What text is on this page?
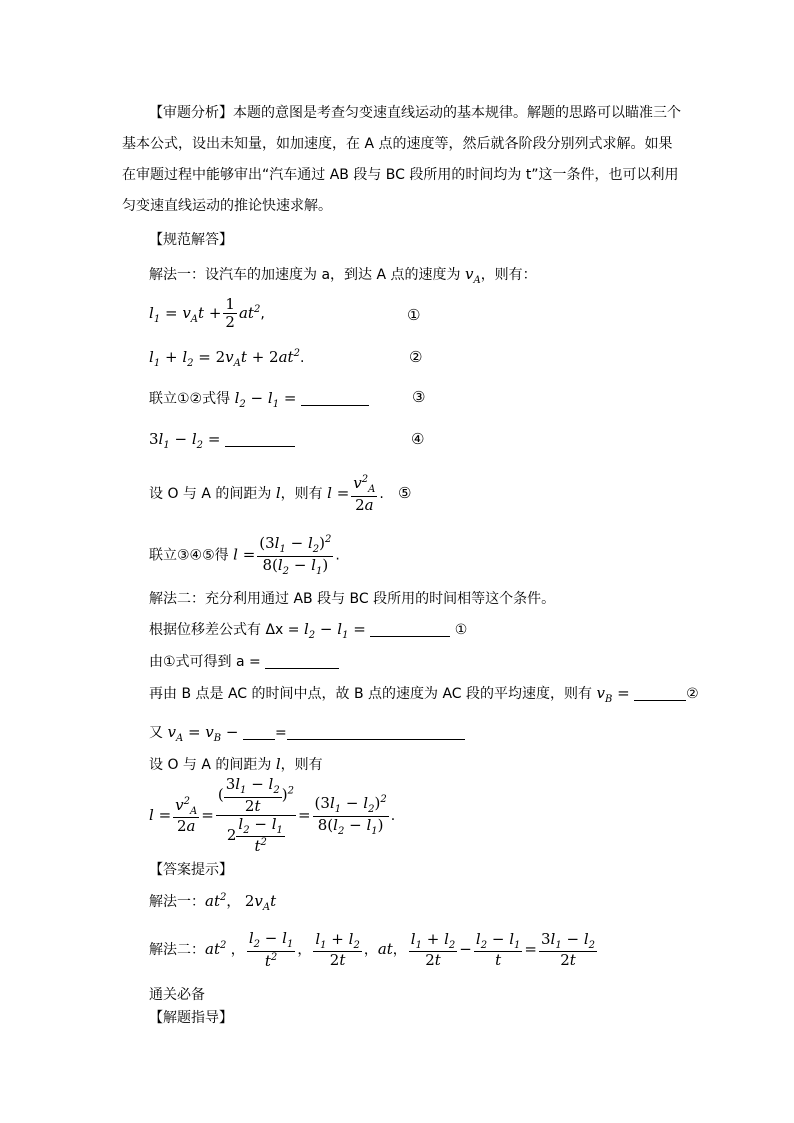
【审题分析】本题的意图是考查匀变速直线运动的基本规律。解题的思路可以瞄准三个
基本公式，设出未知量，如加速度，在 A 点的速度等，然后就各阶段分别列式求解。如果
在审题过程中能够审出“汽车通过 AB 段与 BC 段所用的时间均为 t”这一条件，也可以利用
匀变速直线运动的推论快速求解。
【规范解答】
解法一：设汽车的加速度为 a，到达 A 点的速度为 $v_A$，则有：
$l_1 = v_At + \frac{1}{2} at^2$,	①
$l_1 + l_2 = 2v_At + 2at^2$.	②
联立①②式得 $l_2 - l_1$ =	③
$3l_1 - l_2$ =	④
设 O 与 A 的间距为 l，则有 $l = \frac{v^2_A}{2a}$ . ⑤
联立③④⑤得 $l = \frac{(3l_1 - l_2)^2}{8(l_2 - l_1)}$ .
解法二：充分利用通过 AB 段与 BC 段所用的时间相等这个条件。
根据位移差公式有 $\Delta x = l_2 - l_1$ =	①
由①式可得到 a =
再由 B 点是 AC 的时间中点，故 B 点的速度为 AC 段的平均速度，则有 $v_B$ =	②
又 $v_A = v_B$ −	=
设 O 与 A 的间距为 l，则有
$l = \frac{v^2_A}{2a} = \frac{( \frac{3l_1 - l_2}{2t} )^2}{2 \frac{l_2 - l_1}{t^2}} = \frac{(3l_1 - l_2)^2}{8(l_2 - l_1)}$ .
【答案提示】
解法一：$at^2$， $2v_At$
解法二：$at^2$ ， $\frac{l_2 - l_1}{t^2}$ ， $\frac{l_1 + l_2}{2t}$ ，at， $\frac{l_1 + l_2}{2t} - \frac{l_2 - l_1}{t} = \frac{3l_1 - l_2}{2t}$
通关必备
【解题指导】
